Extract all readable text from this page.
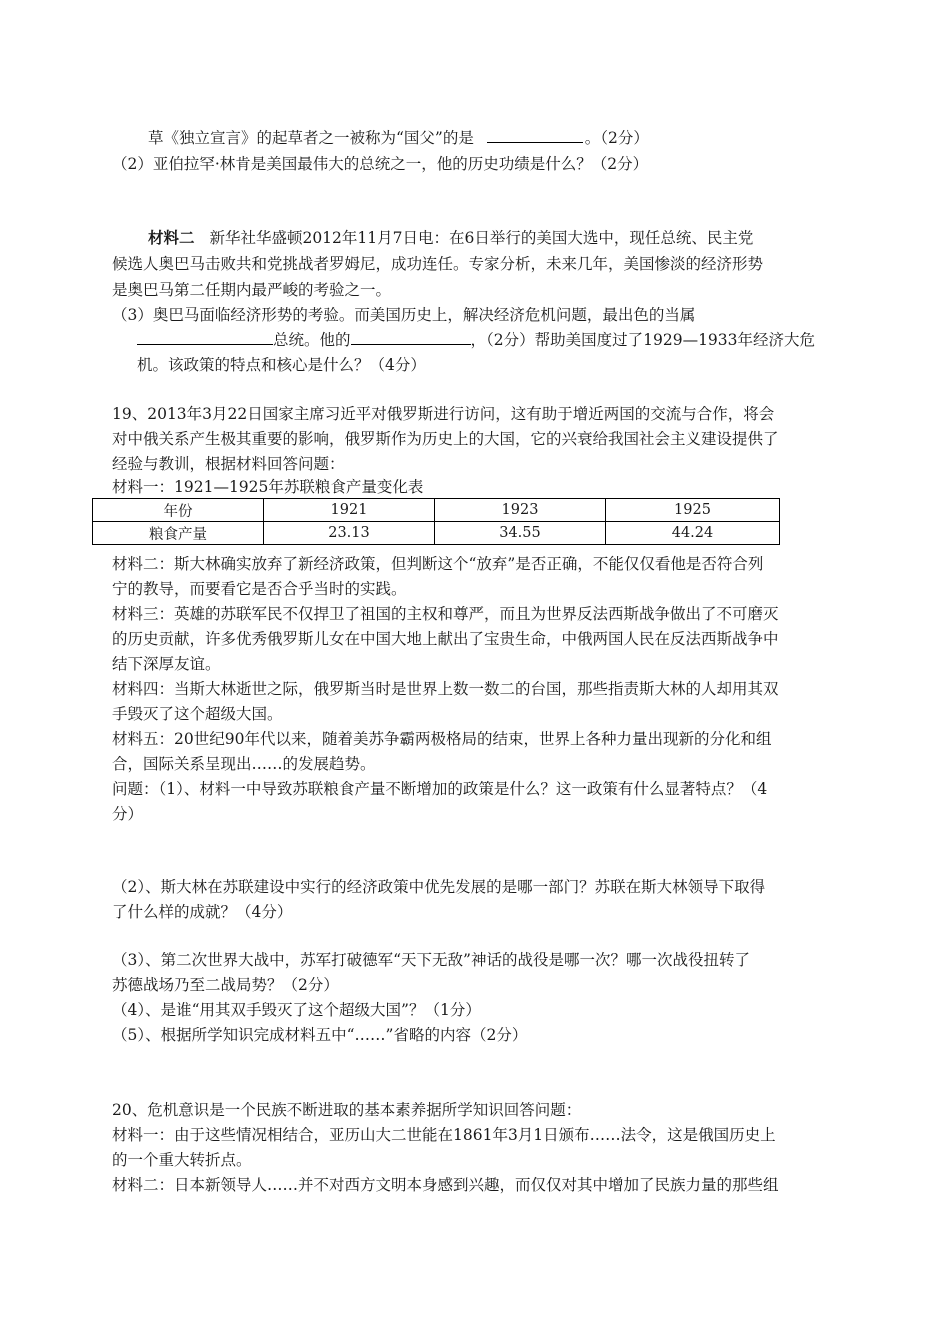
草《独立宣言》的起草者之一被称为“国父”的是	。（2分）
（2）亚伯拉罕·林肯是美国最伟大的总统之一，他的历史功绩是什么？（2分）
材料二 新华社华盛顿2012年11月7日电：在6日举行的美国大选中，现任总统、民主党
候选人奥巴马击败共和党挑战者罗姆尼，成功连任。专家分析，未来几年，美国惨淡的经济形势
是奥巴马第二任期内最严峻的考验之一。
（3）奥巴马面临经济形势的考验。而美国历史上，解决经济危机问题，最出色的当属
总统。他的	，（2分）帮助美国度过了1929—1933年经济大危
机。该政策的特点和核心是什么？（4分）
19、2013年3月22日国家主席习近平对俄罗斯进行访问，这有助于增近两国的交流与合作，将会
对中俄关系产生极其重要的影响，俄罗斯作为历史上的大国，它的兴衰给我国社会主义建设提供了
经验与教训，根据材料回答问题：
材料一：1921—1925年苏联粮食产量变化表
年份	1921	1923	1925
粮食产量	23.13	34.55	44.24
材料二：斯大林确实放弃了新经济政策，但判断这个“放弃”是否正确，不能仅仅看他是否符合列
宁的教导，而要看它是否合乎当时的实践。
材料三：英雄的苏联军民不仅捍卫了祖国的主权和尊严，而且为世界反法西斯战争做出了不可磨灭
的历史贡献，许多优秀俄罗斯儿女在中国大地上献出了宝贵生命，中俄两国人民在反法西斯战争中
结下深厚友谊。
材料四：当斯大林逝世之际，俄罗斯当时是世界上数一数二的台国，那些指责斯大林的人却用其双
手毁灭了这个超级大国。
材料五：20世纪90年代以来，随着美苏争霸两极格局的结束，世界上各种力量出现新的分化和组
合，国际关系呈现出……的发展趋势。
问题：（1）、材料一中导致苏联粮食产量不断增加的政策是什么？这一政策有什么显著特点？（4
分）
（2）、斯大林在苏联建设中实行的经济政策中优先发展的是哪一部门？苏联在斯大林领导下取得
了什么样的成就？（4分）
（3）、第二次世界大战中，苏军打破德军“天下无敌”神话的战役是哪一次？哪一次战役扭转了
苏德战场乃至二战局势？（2分）
（4）、是谁“用其双手毁灭了这个超级大国”？（1分）
（5）、根据所学知识完成材料五中“……”省略的内容（2分）
20、危机意识是一个民族不断进取的基本素养据所学知识回答问题：
材料一：由于这些情况相结合，亚历山大二世能在1861年3月1日颁布……法令，这是俄国历史上
的一个重大转折点。
材料二：日本新领导人……并不对西方文明本身感到兴趣，而仅仅对其中增加了民族力量的那些组
